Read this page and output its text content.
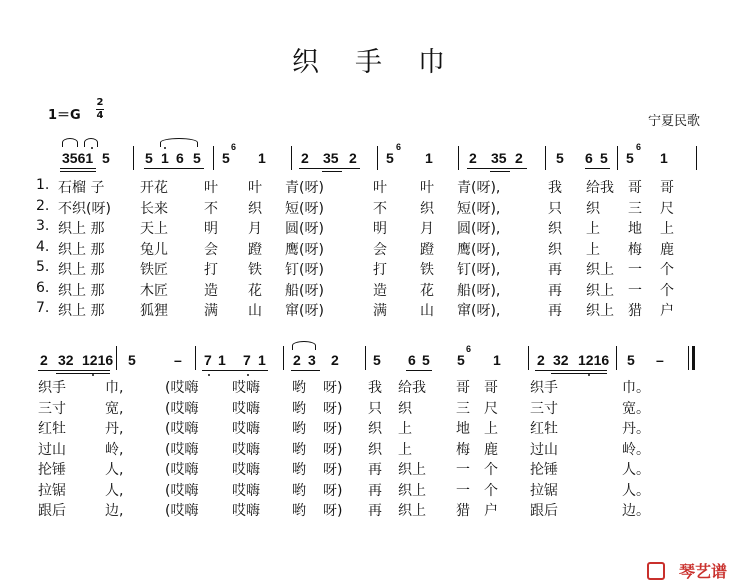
织 手 巾
1＝G
2
4	宁夏民歌
3561 5	5 1 6 5 5
6
1	2 35 2 5
6
1	2 35 2 5 6 5 5
6
1
1. 石榴 子	开花	叶 叶 青(呀)	叶 叶 青(呀),	我 给我 哥 哥
2. 不织(呀) 长来	不 织 短(呀)	不 织 短(呀),	只 织 三 尺
3. 织上 那	天上	明 月 圆(呀)	明 月 圆(呀),	织 上 地 上
4. 织上 那	兔儿	会 蹬 鹰(呀)	会 蹬 鹰(呀),	织 上 梅 鹿
5. 织上 那	铁匠	打 铁 钉(呀)	打 铁 钉(呀),	再 织上 一 个
6. 织上 那	木匠	造 花 船(呀)	造 花 船(呀),	再 织上 一 个
7. 织上 那	狐狸	满 山 窜(呀)	满 山 窜(呀),	再 织上 猎 户
2 32 1216 5	– 7 1 7 1 2 3 2 5 6 5 5
6
1	2 32 1216 5 –
织手	巾,	(哎嗨 哎嗨 哟 呀) 我 给我 哥 哥 织手	巾。
三寸	宽,	(哎嗨 哎嗨 哟 呀) 只 织	三 尺 三寸	宽。
红牡	丹,	(哎嗨 哎嗨 哟 呀) 织 上	地 上 红牡	丹。
过山	岭,	(哎嗨 哎嗨 哟 呀) 织 上	梅 鹿 过山	岭。
抡锤	人,	(哎嗨 哎嗨 哟 呀) 再 织上 一 个 抡锤	人。
拉锯	人,	(哎嗨 哎嗨 哟 呀) 再 织上 一 个 拉锯	人。
跟后	边,	(哎嗨 哎嗨 哟 呀) 再 织上 猎 户 跟后	边。
琴艺谱
